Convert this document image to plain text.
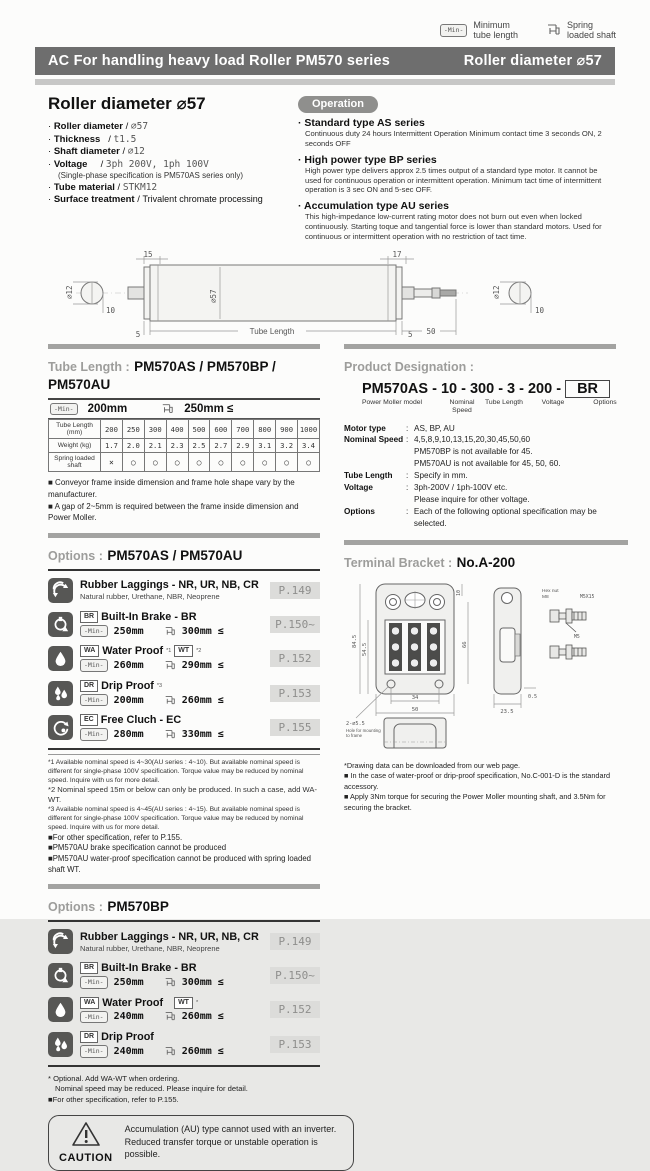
-Min-
Minimum
tube length
Spring
loaded shaft
AC For handling heavy load Roller PM570 series	Roller diameter ⌀57
Roller diameter ⌀57
· Roller diameter / ⌀57
· Thickness   / t1.5
· Shaft diameter / ⌀12
· Voltage     / 3ph 200V, 1ph 100V
(Single-phase specification is PM570AS series only)
· Tube material / STKM12
· Surface treatment / Trivalent chromate processing
Operation
· Standard type AS series
Continuous duty 24 hours Intermittent Operation Minimum contact time 3 seconds ON, 2 seconds OFF
· High power type BP series
High power type delivers approx 2.5 times output of a standard type motor. It cannot be used for continuous operation or intermittent operation. Minimum tact time of intermittent operation is 3 sec ON and 5-sec OFF.
· Accumulation type AU series
This high-impedance low-current rating motor does not burn out even when locked continuously. Starting toque and tangential force is lower than standard motors. Used for continuous or intermittent operation with no restriction of tact time.
⌀12
10
⌀12
10
15	17
⌀57
5	Tube Length	5 50
Tube Length : PM570AS / PM570BP / PM570AU
-Min-	200mm	250mm ≤
Tube Length (mm)	200	250	300	400	500	600	700	800	900	1000
Weight (kg)	1.7	2.0	2.1	2.3	2.5	2.7	2.9	3.1	3.2	3.4
Spring loaded shaft	×	○	○	○	○	○	○	○	○	○
■ Conveyor frame inside dimension and frame hole shape vary by the manufacturer.
■ A gap of 2~5mm is required between the frame inside dimension and Power Moller.
Options : PM570AS / PM570AU
Rubber Laggings - NR, UR, NB, CR
Natural rubber, Urethane, NBR, Neoprene	P.149
BR Built-In Brake - BR
-Min-	250mm	300mm ≤
P.150~
WA Water Proof *1	WT	*2
-Min-	260mm	290mm ≤
P.152
DR Drip Proof *3
-Min-	200mm	260mm ≤
P.153
EC Free Cluch - EC
-Min-	280mm	330mm ≤
P.155
*1 Available nominal speed is 4~30(AU series : 4~10). But available nominal speed is different for single-phase 100V specification. Torque value may be reduced by nominal speed. Inquire with us for more detail.
*2 Nominal speed 15m or below can only be produced. In such a case, add WA-WT.
*3 Available nominal speed is 4~45(AU series : 4~15). But available nominal speed is different for single-phase 100V specification. Torque value may be reduced by nominal speed. Inquire with us for more detail.
■For other specification, refer to P.155.
■PM570AU brake specification cannot be produced
■PM570AU water-proof specification cannot be produced with spring loaded shaft WT.
Options : PM570BP
Rubber Laggings - NR, UR, NB, CR
Natural rubber, Urethane, NBR, Neoprene	P.149
BR Built-In Brake - BR
-Min-	250mm	300mm ≤
P.150~
WA Water Proof	WT	*
-Min-	240mm	260mm ≤
P.152
DR Drip Proof
-Min-	240mm	260mm ≤
P.153
* Optional. Add WA-WT when ordering.
Nominal speed may be reduced. Please inquire for detail.
■For other specification, refer to P.155.
CAUTION
Accumulation (AU) type cannot used with an inverter.
Reduced transfer torque or unstable operation is possible.
Product Designation :
PM570AS - 10 - 300 - 3 - 200 - BR
Power Moller model	Nominal Speed
Tube Length	Voltage	Options
Motor type	: AS, BP, AU
Nominal Speed : 4,5,8,9,10,13,15,20,30,45,50,60
PM570BP is not available for 45.
PM570AU is not available for 45, 50, 60.
Tube Length	: Specify in mm.
Voltage	: 3ph-200V / 1ph-100V etc.
Please inquire for other voltage.
Options	: Each of the following optional specification may be selected.
Terminal Bracket : No.A-200
84.5
54.5
10
66
34
50
2-⌀5.5
Hole for mounting
to frame
23.5
0.5
Hex nut
M8	M5X15
M5
*Drawing data can be downloaded from our web page.
■ In the case of water-proof or drip-proof specification, No.C-001-D is the standard accessory.
■ Apply 3Nm torque for securing the Power Moller mounting shaft, and 3.5Nm for securing the bracket.
